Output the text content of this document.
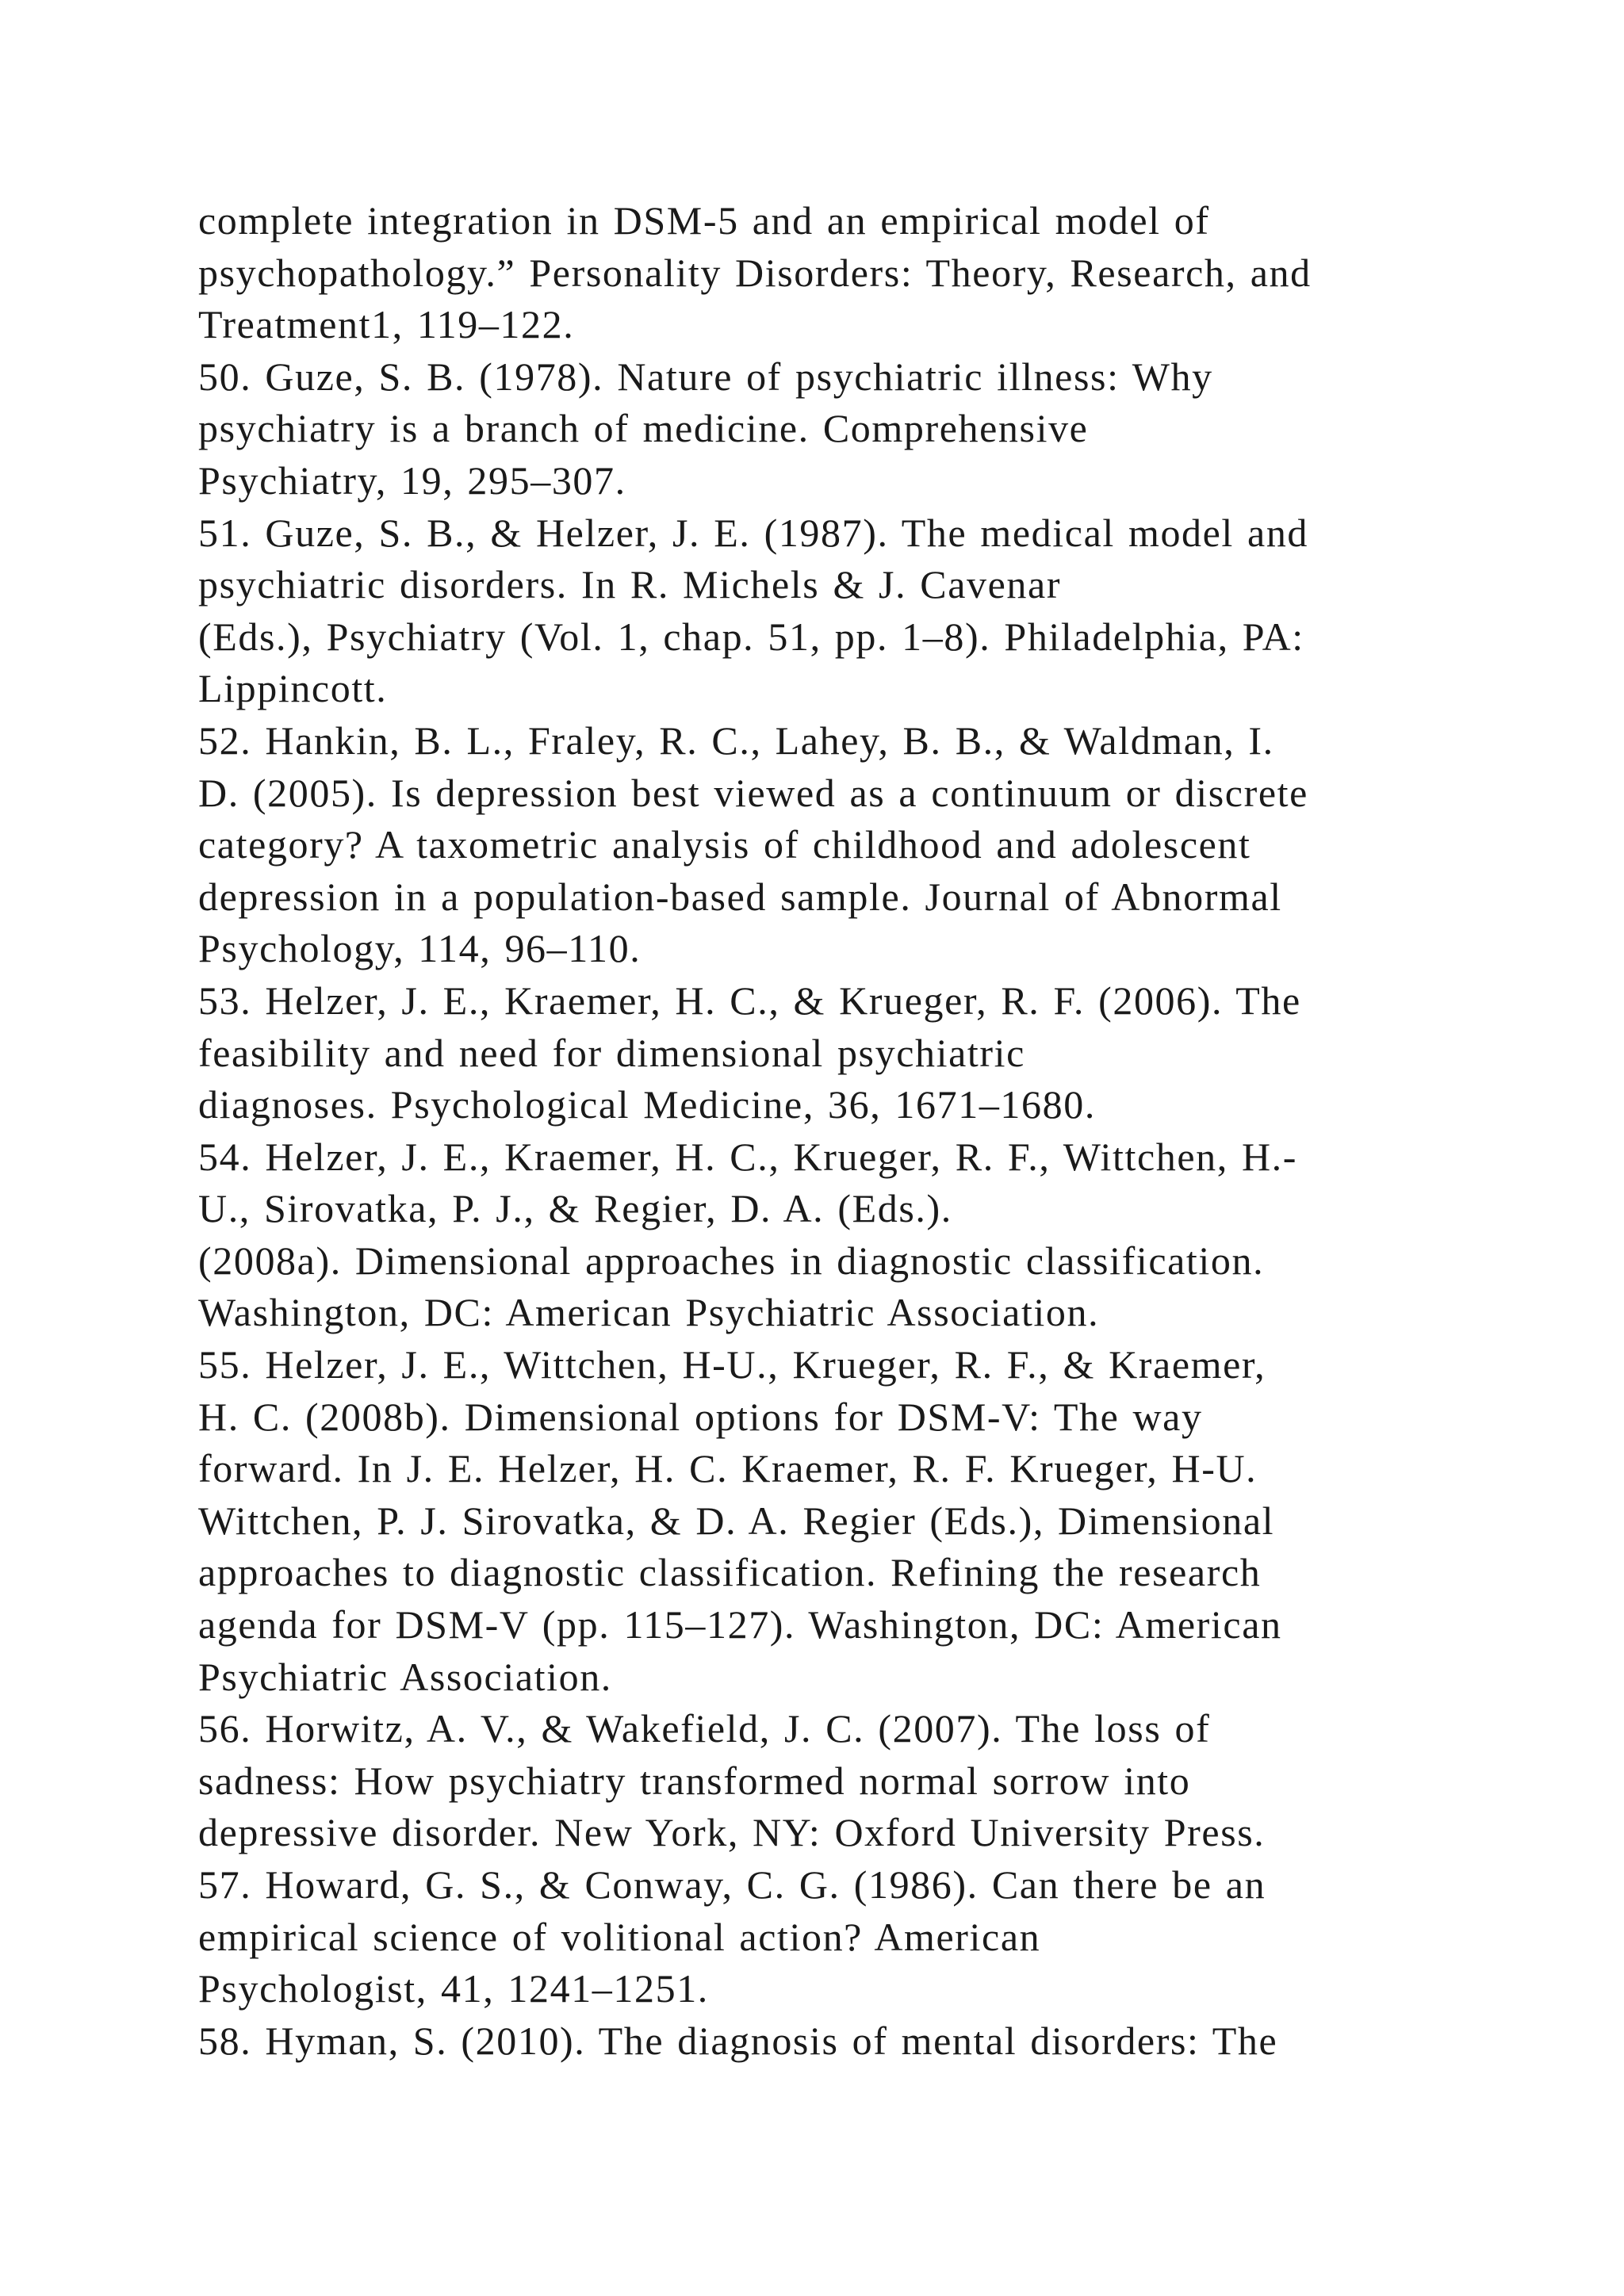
complete integration in DSM-5 and an empirical model of
psychopathology.” Personality Disorders: Theory, Research, and
Treatment1, 119–122.
50. Guze, S. B. (1978). Nature of psychiatric illness: Why
psychiatry is a branch of medicine. Comprehensive
Psychiatry, 19, 295–307.
51. Guze, S. B., & Helzer, J. E. (1987). The medical model and
psychiatric disorders. In R. Michels & J. Cavenar
(Eds.), Psychiatry (Vol. 1, chap. 51, pp. 1–8). Philadelphia, PA:
Lippincott.
52. Hankin, B. L., Fraley, R. C., Lahey, B. B., & Waldman, I.
D. (2005). Is depression best viewed as a continuum or discrete
category? A taxometric analysis of childhood and adolescent
depression in a population-based sample. Journal of Abnormal
Psychology, 114, 96–110.
53. Helzer, J. E., Kraemer, H. C., & Krueger, R. F. (2006). The
feasibility and need for dimensional psychiatric
diagnoses. Psychological Medicine, 36, 1671–1680.
54. Helzer, J. E., Kraemer, H. C., Krueger, R. F., Wittchen, H.-
U., Sirovatka, P. J., & Regier, D. A. (Eds.).
(2008a). Dimensional approaches in diagnostic classification.
Washington, DC: American Psychiatric Association.
55. Helzer, J. E., Wittchen, H-U., Krueger, R. F., & Kraemer,
H. C. (2008b). Dimensional options for DSM-V: The way
forward. In J. E. Helzer, H. C. Kraemer, R. F. Krueger, H-U.
Wittchen, P. J. Sirovatka, & D. A. Regier (Eds.), Dimensional
approaches to diagnostic classification. Refining the research
agenda for DSM-V (pp. 115–127). Washington, DC: American
Psychiatric Association.
56. Horwitz, A. V., & Wakefield, J. C. (2007). The loss of
sadness: How psychiatry transformed normal sorrow into
depressive disorder. New York, NY: Oxford University Press.
57. Howard, G. S., & Conway, C. G. (1986). Can there be an
empirical science of volitional action? American
Psychologist, 41, 1241–1251.
58. Hyman, S. (2010). The diagnosis of mental disorders: The
